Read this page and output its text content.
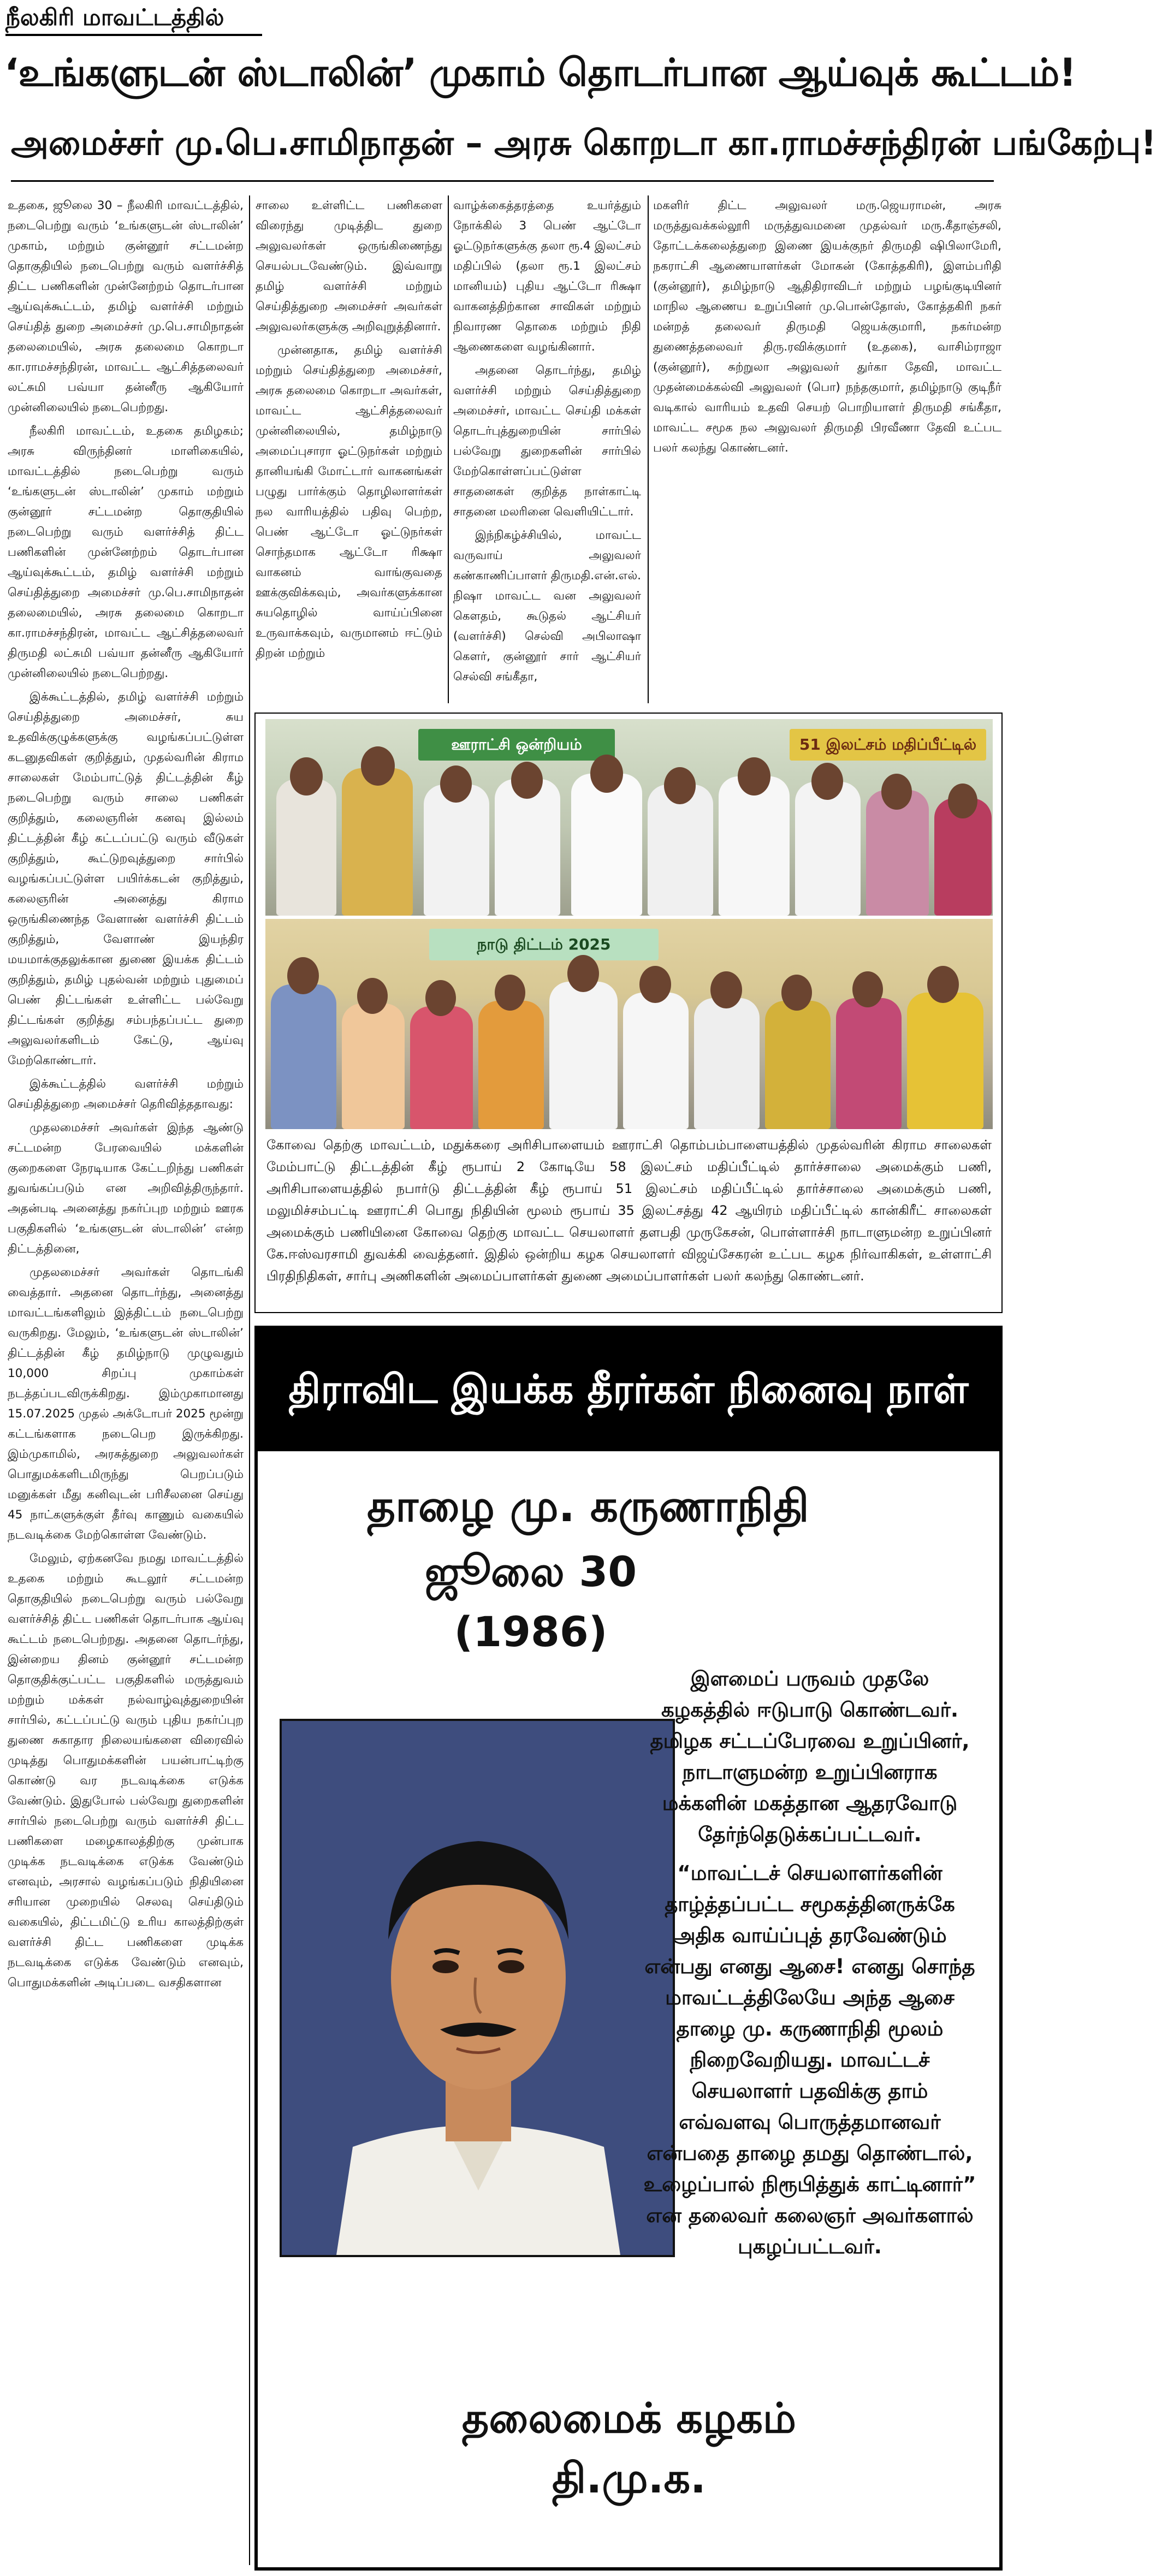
நீலகிரி மாவட்டத்தில்
‘உங்களுடன் ஸ்டாலின்’ முகாம் தொடர்பான ஆய்வுக் கூட்டம்!
அமைச்சர் மு.பெ.சாமிநாதன் – அரசு கொறடா கா.ராமச்சந்திரன் பங்கேற்பு!

உதகை, ஜூலை 30 – நீலகிரி மாவட்டத்தில், நடைபெற்று வரும் ‘உங்களுடன் ஸ்டாலின்’ முகாம், மற்றும் குன்னூர் சட்டமன்ற தொகுதியில் நடைபெற்று வரும் வளர்ச்சித் திட்ட பணிகளின் முன்னேற்றம் தொடர்பான ஆய்வுக்கூட்டம், தமிழ் வளர்ச்சி மற்றும் செய்தித் துறை அமைச்சர் மு.பெ.சாமிநாதன் தலைமையில், அரசு தலைமை கொறடா கா.ராமச்சந்திரன், மாவட்ட ஆட்சித்தலைவர் லட்சுமி பவ்யா தன்னீரு ஆகியோர் முன்னிலையில் நடைபெற்றது.

நீலகிரி மாவட்டம், உதகை தமிழகம்; அரசு விருந்தினர் மாளிகையில், மாவட்டத்தில் நடைபெற்று வரும் ‘உங்களுடன் ஸ்டாலின்’ முகாம் மற்றும் குன்னூர் சட்டமன்ற தொகுதியில் நடைபெற்று வரும் வளர்ச்சித் திட்ட பணிகளின் முன்னேற்றம் தொடர்பான ஆய்வுக்கூட்டம், தமிழ் வளர்ச்சி மற்றும் செய்தித்துறை அமைச்சர் மு.பெ.சாமிநாதன் தலைமையில், அரசு தலைமை கொறடா கா.ராமச்சந்திரன், மாவட்ட ஆட்சித்தலைவர் திருமதி லட்சுமி பவ்யா தன்னீரு ஆகியோர் முன்னிலையில் நடைபெற்றது.

இக்கூட்டத்தில், தமிழ் வளர்ச்சி மற்றும் செய்தித்துறை அமைச்சர், சுய உதவிக்குழுக்களுக்கு வழங்கப்பட்டுள்ள கடனுதவிகள் குறித்தும், முதல்வரின் கிராம சாலைகள் மேம்பாட்டுத் திட்டத்தின் கீழ் நடைபெற்று வரும் சாலை பணிகள் குறித்தும், கலைஞரின் கனவு இல்லம் திட்டத்தின் கீழ் கட்டப்பட்டு வரும் வீடுகள் குறித்தும், கூட்டுறவுத்துறை சார்பில் வழங்கப்பட்டுள்ள பயிர்க்கடன் குறித்தும், கலைஞரின் அனைத்து கிராம ஒருங்கிணைந்த வேளாண் வளர்ச்சி திட்டம் குறித்தும், வேளாண் இயந்திர மயமாக்குதலுக்கான துணை இயக்க திட்டம் குறித்தும், தமிழ் புதல்வன் மற்றும் புதுமைப் பெண் திட்டங்கள் உள்ளிட்ட பல்வேறு திட்டங்கள் குறித்து சம்பந்தப்பட்ட துறை அலுவலர்களிடம் கேட்டு, ஆய்வு மேற்கொண்டார்.

இக்கூட்டத்தில் வளர்ச்சி மற்றும் செய்தித்துறை அமைச்சர் தெரிவித்ததாவது:

முதலமைச்சர் அவர்கள் இந்த ஆண்டு சட்டமன்ற பேரவையில் மக்களின் குறைகளை நேரடியாக கேட்டறிந்து பணிகள் துவங்கப்படும் என அறிவித்திருந்தார். அதன்படி அனைத்து நகர்ப்புற மற்றும் ஊரக பகுதிகளில் ‘உங்களுடன் ஸ்டாலின்’ என்ற திட்டத்தினை,

முதலமைச்சர் அவர்கள் தொடங்கி வைத்தார். அதனை தொடர்ந்து, அனைத்து மாவட்டங்களிலும் இத்திட்டம் நடைபெற்று வருகிறது. மேலும், ‘உங்களுடன் ஸ்டாலின்’ திட்டத்தின் கீழ் தமிழ்நாடு முழுவதும் 10,000 சிறப்பு முகாம்கள் நடத்தப்படவிருக்கிறது. இம்முகாமானது 15.07.2025 முதல் அக்டோபர் 2025 மூன்று கட்டங்களாக நடைபெற இருக்கிறது. இம்முகாமில், அரசுத்துறை அலுவலர்கள் பொதுமக்களிடமிருந்து பெறப்படும் மனுக்கள் மீது கனிவுடன் பரிசீலனை செய்து 45 நாட்களுக்குள் தீர்வு காணும் வகையில் நடவடிக்கை மேற்கொள்ள வேண்டும்.

மேலும், ஏற்கனவே நமது மாவட்டத்தில் உதகை மற்றும் கூடலூர் சட்டமன்ற தொகுதியில் நடைபெற்று வரும் பல்வேறு வளர்ச்சித் திட்ட பணிகள் தொடர்பாக ஆய்வு கூட்டம் நடைபெற்றது. அதனை தொடர்ந்து, இன்றைய தினம் குன்னூர் சட்டமன்ற தொகுதிக்குட்பட்ட பகுதிகளில் மருத்துவம் மற்றும் மக்கள் நல்வாழ்வுத்துறையின் சார்பில், கட்டப்பட்டு வரும் புதிய நகர்ப்புற துணை சுகாதார நிலையங்களை விரைவில் முடித்து பொதுமக்களின் பயன்பாட்டிற்கு கொண்டு வர நடவடிக்கை எடுக்க வேண்டும். இதுபோல் பல்வேறு துறைகளின் சார்பில் நடைபெற்று வரும் வளர்ச்சி திட்ட பணிகளை மழைகாலத்திற்கு முன்பாக முடிக்க நடவடிக்கை எடுக்க வேண்டும் எனவும், அரசால் வழங்கப்படும் நிதியினை சரியான முறையில் செலவு செய்திடும் வகையில், திட்டமிட்டு உரிய காலத்திற்குள் வளர்ச்சி திட்ட பணிகளை முடிக்க நடவடிக்கை எடுக்க வேண்டும் எனவும், பொதுமக்களின் அடிப்படை வசதிகளான

சாலை உள்ளிட்ட பணிகளை விரைந்து முடித்திட துறை அலுவலர்கள் ஒருங்கிணைந்து செயல்படவேண்டும். இவ்வாறு தமிழ் வளர்ச்சி மற்றும் செய்தித்துறை அமைச்சர் அவர்கள் அலுவலர்களுக்கு அறிவுறுத்தினார்.

முன்னதாக, தமிழ் வளர்ச்சி மற்றும் செய்தித்துறை அமைச்சர், அரசு தலைமை கொறடா அவர்கள், மாவட்ட ஆட்சித்தலைவர் முன்னிலையில், தமிழ்நாடு அமைப்புசாரா ஓட்டுநர்கள் மற்றும் தானியங்கி மோட்டார் வாகனங்கள் பழுது பார்க்கும் தொழிலாளர்கள் நல வாரியத்தில் பதிவு பெற்ற, பெண் ஆட்டோ ஓட்டுநர்கள் சொந்தமாக ஆட்டோ ரிக்ஷா வாகனம் வாங்குவதை ஊக்குவிக்கவும், அவர்களுக்கான சுயதொழில் வாய்ப்பினை உருவாக்கவும், வருமானம் ஈட்டும் திறன் மற்றும்

வாழ்க்கைத்தரத்தை உயர்த்தும் நோக்கில் 3 பெண் ஆட்டோ ஓட்டுநர்களுக்கு தலா ரூ.4 இலட்சம் மதிப்பில் (தலா ரூ.1 இலட்சம் மானியம்) புதிய ஆட்டோ ரிக்ஷா வாகனத்திற்கான சாவிகள் மற்றும் நிவாரண தொகை மற்றும் நிதி ஆணைகளை வழங்கினார்.

அதனை தொடர்ந்து, தமிழ் வளர்ச்சி மற்றும் செய்தித்துறை அமைச்சர், மாவட்ட செய்தி மக்கள் தொடர்புத்துறையின் சார்பில் பல்வேறு துறைகளின் சார்பில் மேற்கொள்ளப்பட்டுள்ள சாதனைகள் குறித்த நாள்காட்டி சாதனை மலரினை வெளியிட்டார்.

இந்நிகழ்ச்சியில், மாவட்ட வருவாய் அலுவலர் கண்காணிப்பாளர் திருமதி.என்.எல். நிஷா மாவட்ட வன அலுவலர் கௌதம், கூடுதல் ஆட்சியர் (வளர்ச்சி) செல்வி அபிலாஷா கௌர், குன்னூர் சார் ஆட்சியர் செல்வி சங்கீதா,

மகளிர் திட்ட அலுவலர் மரு.ஜெயராமன், அரசு மருத்துவக்கல்லூரி மருத்துவமனை முதல்வர் மரு.கீதாஞ்சலி, தோட்டக்கலைத்துறை இணை இயக்குநர் திருமதி ஷிபிலாமேரி, நகராட்சி ஆணையாளர்கள் மோகன் (கோத்தகிரி), இளம்பரிதி (குன்னூர்), தமிழ்நாடு ஆதிதிராவிடர் மற்றும் பழங்குடியினர் மாநில ஆணைய உறுப்பினர் மு.பொன்தோஸ், கோத்தகிரி நகர் மன்றத் தலைவர் திருமதி ஜெயக்குமாரி, நகர்மன்ற துணைத்தலைவர் திரு.ரவிக்குமார் (உதகை), வாசிம்ராஜா (குன்னூர்), சுற்றுலா அலுவலர் துர்கா தேவி, மாவட்ட முதன்மைக்கல்வி அலுவலர் (பொ) நந்தகுமார், தமிழ்நாடு குடிநீர் வடிகால் வாரியம் உதவி செயற் பொறியாளர் திருமதி சங்கீதா, மாவட்ட சமூக நல அலுவலர் திருமதி பிரவீணா தேவி உட்பட பலர் கலந்து கொண்டனர்.

ஊராட்சி ஒன்றியம்	51 இலட்சம் மதிப்பீட்டில்
நாடு திட்டம் 2025
கோவை தெற்கு மாவட்டம், மதுக்கரை அரிசிபாளையம் ஊராட்சி தொம்பம்பாளையத்தில் முதல்வரின் கிராம சாலைகள் மேம்பாட்டு திட்டத்தின் கீழ் ரூபாய் 2 கோடியே 58 இலட்சம் மதிப்பீட்டில் தார்ச்சாலை அமைக்கும் பணி, அரிசிபாளையத்தில் நபார்டு திட்டத்தின் கீழ் ரூபாய் 51 இலட்சம் மதிப்பீட்டில் தார்ச்சாலை அமைக்கும் பணி, மலுமிச்சம்பட்டி ஊராட்சி பொது நிதியின் மூலம் ரூபாய் 35 இலட்சத்து 42 ஆயிரம் மதிப்பீட்டில் கான்கிரீட் சாலைகள் அமைக்கும் பணியினை கோவை தெற்கு மாவட்ட செயலாளர் தளபதி முருகேசன், பொள்ளாச்சி நாடாளுமன்ற உறுப்பினர் கே.ஈஸ்வரசாமி துவக்கி வைத்தனர். இதில் ஒன்றிய கழக செயலாளர் விஜய்சேகரன் உட்பட கழக நிர்வாகிகள், உள்ளாட்சி பிரதிநிதிகள், சார்பு அணிகளின் அமைப்பாளர்கள் துணை அமைப்பாளர்கள் பலர் கலந்து கொண்டனர்.
திராவிட இயக்க தீரர்கள் நினைவு நாள்
தாழை மு. கருணாநிதி
ஜூலை 30 (1986)

இளமைப் பருவம் முதலே கழகத்தில் ஈடுபாடு கொண்டவர். தமிழக சட்டப்பேரவை உறுப்பினர், நாடாளுமன்ற உறுப்பினராக மக்களின் மகத்தான ஆதரவோடு தேர்ந்தெடுக்கப்பட்டவர்.

“மாவட்டச் செயலாளர்களின் தாழ்த்தப்பட்ட சமூகத்தினருக்கே அதிக வாய்ப்புத் தரவேண்டும் என்பது எனது ஆசை! எனது சொந்த மாவட்டத்திலேயே அந்த ஆசை தாழை மு. கருணாநிதி மூலம் நிறைவேறியது. மாவட்டச் செயலாளர் பதவிக்கு தாம் எவ்வளவு பொருத்தமானவர் என்பதை தாழை தமது தொண்டால், உழைப்பால் நிரூபித்துக் காட்டினார்” என தலைவர் கலைஞர் அவர்களால் புகழப்பட்டவர்.

தலைமைக் கழகம்
தி.மு.க.
